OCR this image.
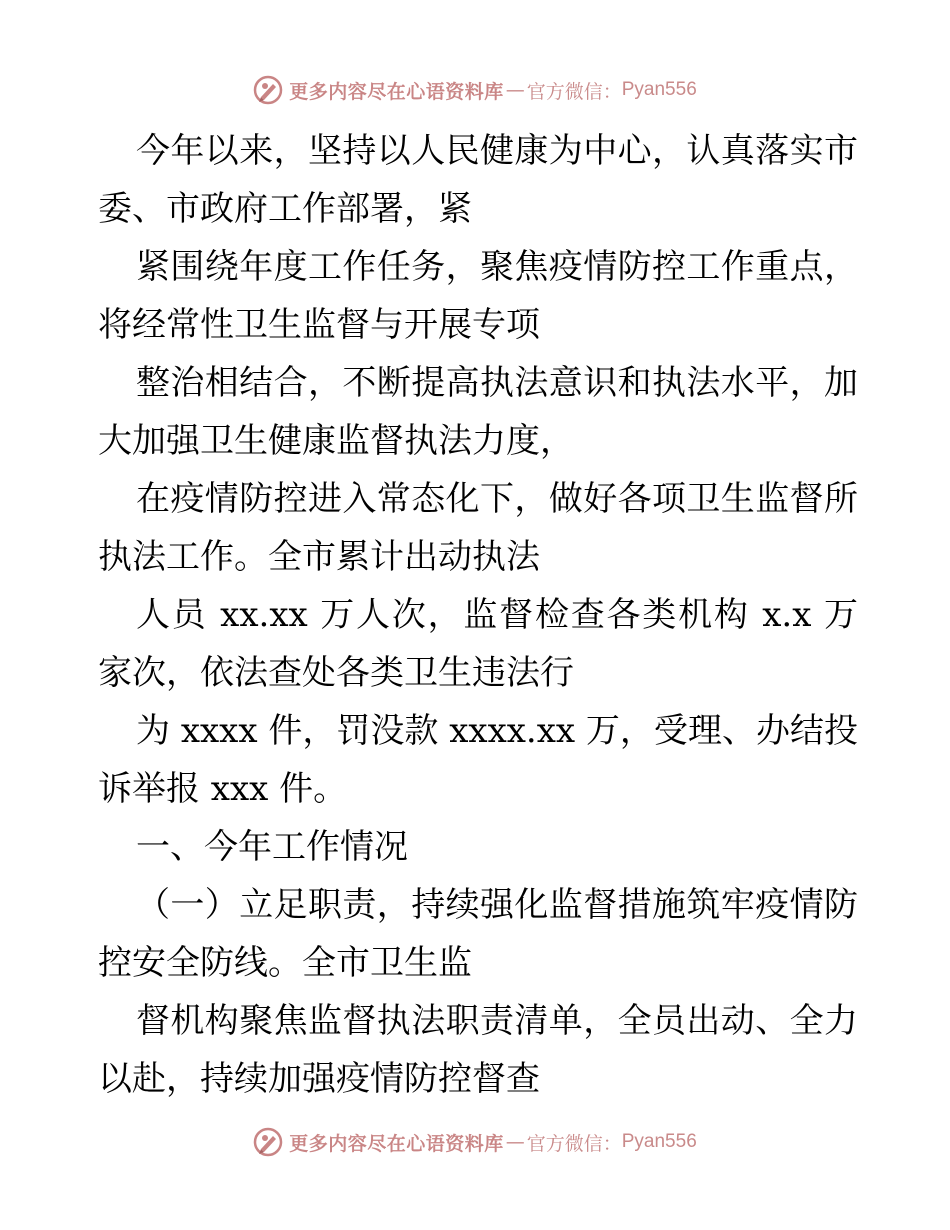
更多内容尽在心语资料库 — 官方微信： Pyan556

今年以来，坚持以人民健康为中心，认真落实市委、市政府工作部署，紧

紧围绕年度工作任务，聚焦疫情防控工作重点，将经常性卫生监督与开展专项

整治相结合，不断提高执法意识和执法水平，加大加强卫生健康监督执法力度，

在疫情防控进入常态化下，做好各项卫生监督所执法工作。全市累计出动执法

人员 xx.xx 万人次，监督检查各类机构 x.x 万家次，依法查处各类卫生违法行

为 xxxx 件，罚没款 xxxx.xx 万，受理、办结投诉举报 xxx 件。

一、今年工作情况

（一）立足职责，持续强化监督措施筑牢疫情防控安全防线。全市卫生监

督机构聚焦监督执法职责清单，全员出动、全力以赴，持续加强疫情防控督查

更多内容尽在心语资料库 — 官方微信： Pyan556
